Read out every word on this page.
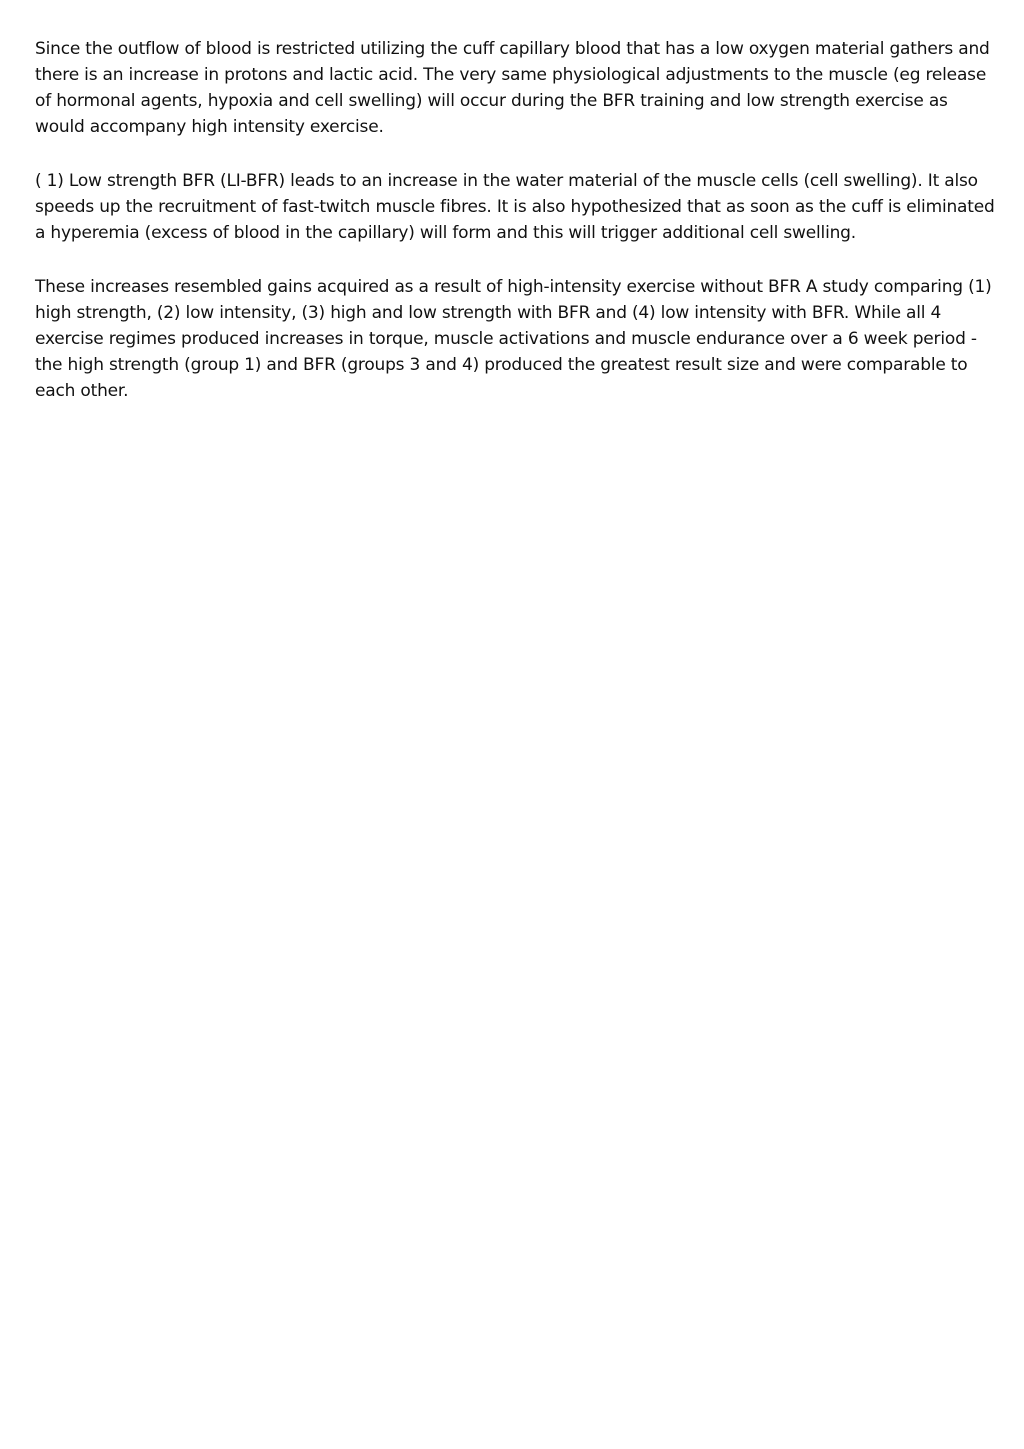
Since the outflow of blood is restricted utilizing the cuff capillary blood that has a low oxygen material gathers and there is an increase in protons and lactic acid. The very same physiological adjustments to the muscle (eg release of hormonal agents, hypoxia and cell swelling) will occur during the BFR training and low strength exercise as would accompany high intensity exercise.

( 1) Low strength BFR (LI-BFR) leads to an increase in the water material of the muscle cells (cell swelling). It also speeds up the recruitment of fast-twitch muscle fibres. It is also hypothesized that as soon as the cuff is eliminated a hyperemia (excess of blood in the capillary) will form and this will trigger additional cell swelling.

These increases resembled gains acquired as a result of high-intensity exercise without BFR A study comparing (1) high strength, (2) low intensity, (3) high and low strength with BFR and (4) low intensity with BFR. While all 4 exercise regimes produced increases in torque, muscle activations and muscle endurance over a 6 week period - the high strength (group 1) and BFR (groups 3 and 4) produced the greatest result size and were comparable to each other.
